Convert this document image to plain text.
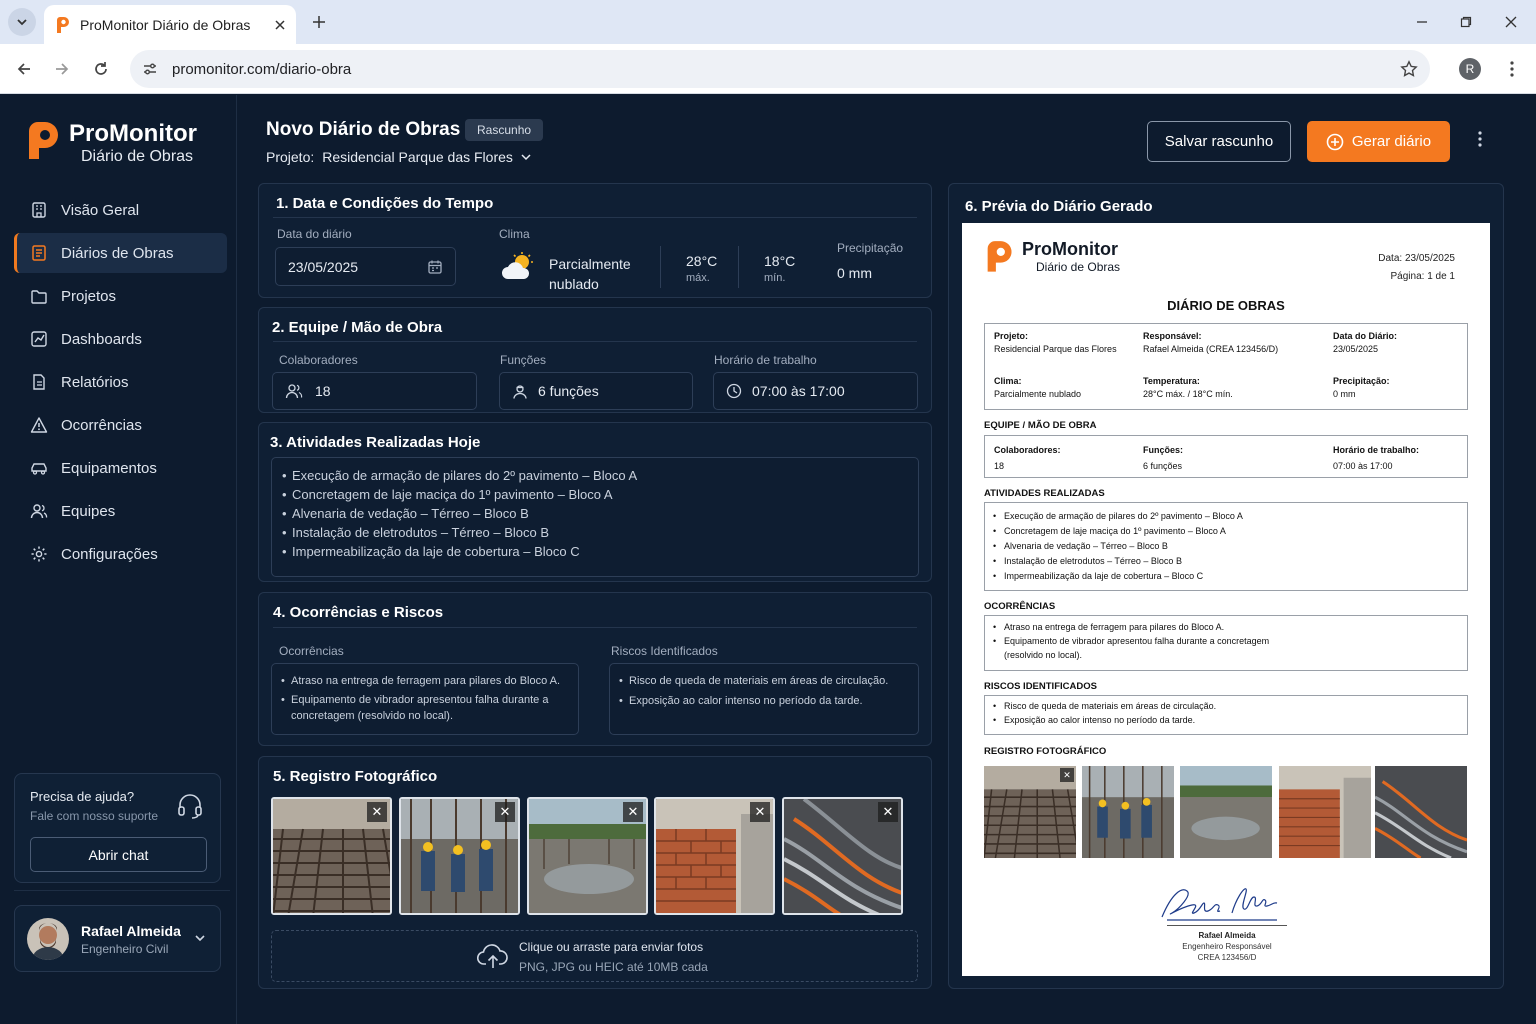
ProMonitor Diário de Obras
promonitor.com/diario-obra	R
ProMonitor
Diário de Obras
Visão Geral
Diários de Obras
Projetos
Dashboards
Relatórios
Ocorrências
Equipamentos
Equipes
Configurações
Precisa de ajuda?
Fale com nosso suporte
Abrir chat
Rafael Almeida
Engenheiro Civil
Novo Diário de Obras	Rascunho
Projeto: Residencial Parque das Flores
Salvar rascunho	Gerar diário
1. Data e Condições do Tempo
Data do diário
23/05/2025
Clima
Parcialmente
nublado
28°C
máx.
18°C
mín.
Precipitação
0 mm
2. Equipe / Mão de Obra
Colaboradores
18
Funções
6 funções
Horário de trabalho
07:00 às 17:00
3. Atividades Realizadas Hoje
• Execução de armação de pilares do 2º pavimento – Bloco A
• Concretagem de laje maciça do 1º pavimento – Bloco A
• Alvenaria de vedação – Térreo – Bloco B
• Instalação de eletrodutos – Térreo – Bloco B
• Impermeabilização da laje de cobertura – Bloco C
4. Ocorrências e Riscos
Ocorrências
• Atraso na entrega de ferragem para pilares do Bloco A.
• Equipamento de vibrador apresentou falha durante a concretagem (resolvido no local).
Riscos Identificados
• Risco de queda de materiais em áreas de circulação.
• Exposição ao calor intenso no período da tarde.
5. Registro Fotográfico
✕	✕	✕	✕	✕
Clique ou arraste para enviar fotos
PNG, JPG ou HEIC até 10MB cada
6. Prévia do Diário Gerado
ProMonitor
Diário de Obras
Data: 23/05/2025
Página: 1 de 1
DIÁRIO DE OBRAS
Projeto:
Residencial Parque das Flores
Responsável:
Rafael Almeida (CREA 123456/D)
Data do Diário:
23/05/2025
Clima:
Parcialmente nublado
Temperatura:
28°C máx. / 18°C mín.
Precipitação:
0 mm
EQUIPE / MÃO DE OBRA
Colaboradores:
18
Funções:
6 funções
Horário de trabalho:
07:00 às 17:00
ATIVIDADES REALIZADAS
• Execução de armação de pilares do 2º pavimento – Bloco A
• Concretagem de laje maciça do 1º pavimento – Bloco A
• Alvenaria de vedação – Térreo – Bloco B
• Instalação de eletrodutos – Térreo – Bloco B
• Impermeabilização da laje de cobertura – Bloco C
OCORRÊNCIAS
• Atraso na entrega de ferragem para pilares do Bloco A.
• Equipamento de vibrador apresentou falha durante a concretagem
(resolvido no local).
RISCOS IDENTIFICADOS
• Risco de queda de materiais em áreas de circulação.
• Exposição ao calor intenso no período da tarde.
REGISTRO FOTOGRÁFICO
✕
Rafael Almeida
Engenheiro Responsável
CREA 123456/D
